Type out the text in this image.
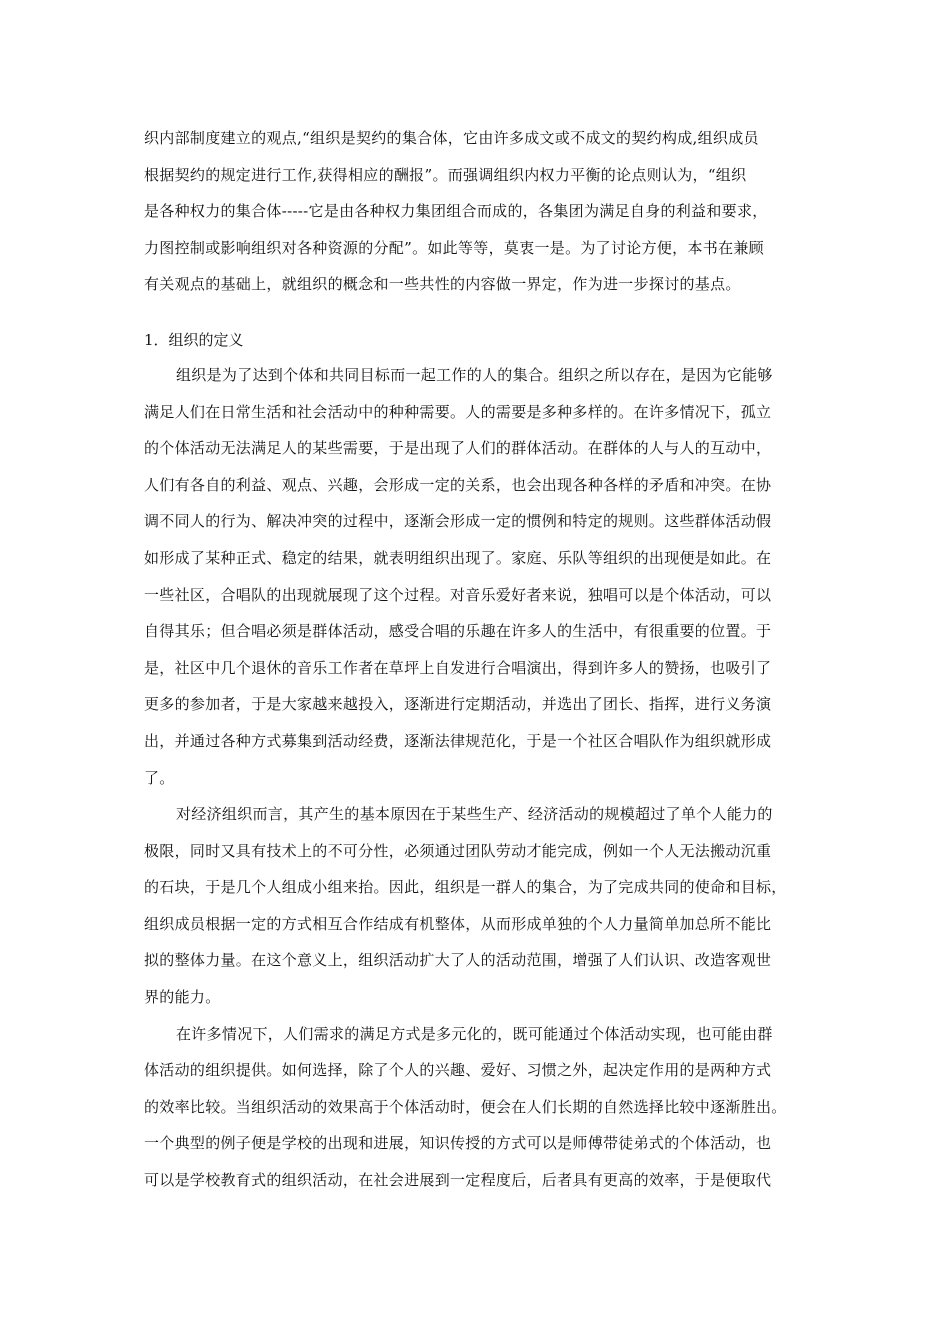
织内部制度建立的观点,“组织是契约的集合体，它由许多成文或不成文的契约构成,组织成员
根据契约的规定进行工作,获得相应的酬报”。而强调组织内权力平衡的论点则认为，“组织
是各种权力的集合体-----它是由各种权力集团组合而成的，各集团为满足自身的利益和要求，
力图控制或影响组织对各种资源的分配”。如此等等，莫衷一是。为了讨论方便，本书在兼顾
有关观点的基础上，就组织的概念和一些共性的内容做一界定，作为进一步探讨的基点。
1．组织的定义
组织是为了达到个体和共同目标而一起工作的人的集合。组织之所以存在，是因为它能够
满足人们在日常生活和社会活动中的种种需要。人的需要是多种多样的。在许多情况下，孤立
的个体活动无法满足人的某些需要，于是出现了人们的群体活动。在群体的人与人的互动中，
人们有各自的利益、观点、兴趣，会形成一定的关系，也会出现各种各样的矛盾和冲突。在协
调不同人的行为、解决冲突的过程中，逐渐会形成一定的惯例和特定的规则。这些群体活动假
如形成了某种正式、稳定的结果，就表明组织出现了。家庭、乐队等组织的出现便是如此。在
一些社区，合唱队的出现就展现了这个过程。对音乐爱好者来说，独唱可以是个体活动，可以
自得其乐；但合唱必须是群体活动，感受合唱的乐趣在许多人的生活中，有很重要的位置。于
是，社区中几个退休的音乐工作者在草坪上自发进行合唱演出，得到许多人的赞扬，也吸引了
更多的参加者，于是大家越来越投入，逐渐进行定期活动，并选出了团长、指挥，进行义务演
出，并通过各种方式募集到活动经费，逐渐法律规范化，于是一个社区合唱队作为组织就形成
了。
对经济组织而言，其产生的基本原因在于某些生产、经济活动的规模超过了单个人能力的
极限，同时又具有技术上的不可分性，必须通过团队劳动才能完成，例如一个人无法搬动沉重
的石块，于是几个人组成小组来抬。因此，组织是一群人的集合，为了完成共同的使命和目标，
组织成员根据一定的方式相互合作结成有机整体，从而形成单独的个人力量简单加总所不能比
拟的整体力量。在这个意义上，组织活动扩大了人的活动范围，增强了人们认识、改造客观世
界的能力。
在许多情况下，人们需求的满足方式是多元化的，既可能通过个体活动实现，也可能由群
体活动的组织提供。如何选择，除了个人的兴趣、爱好、习惯之外，起决定作用的是两种方式
的效率比较。当组织活动的效果高于个体活动时，便会在人们长期的自然选择比较中逐渐胜出。
一个典型的例子便是学校的出现和进展，知识传授的方式可以是师傅带徒弟式的个体活动，也
可以是学校教育式的组织活动，在社会进展到一定程度后，后者具有更高的效率，于是便取代
